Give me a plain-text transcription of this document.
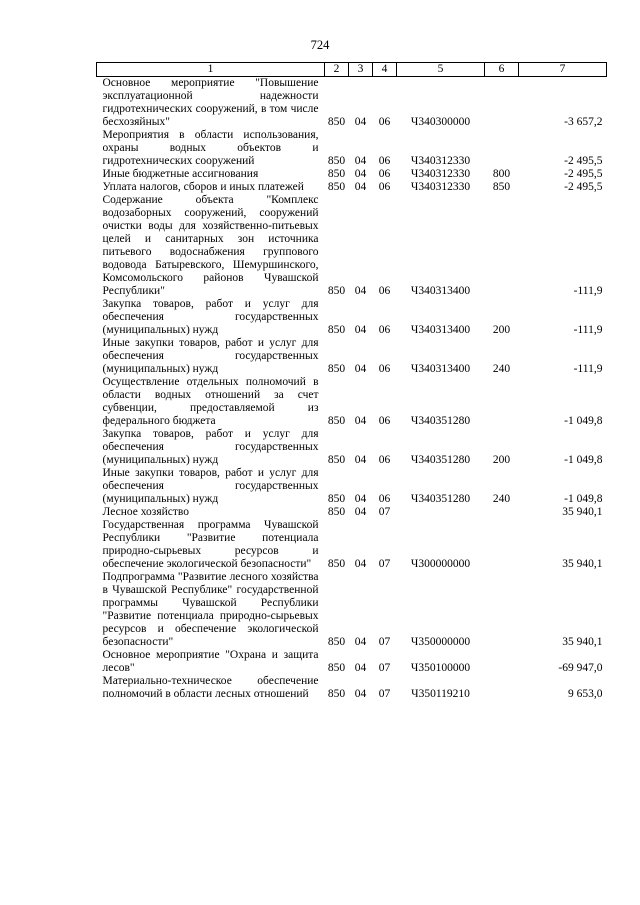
724
1	2	3	4	5	6	7
Основное мероприятие "Повышение эксплуатационной надежности гидротехнических сооружений, в том числе бесхозяйных"	850	04	06	Ч340300000		-3 657,2
Мероприятия в области использования, охраны водных объектов и гидротехнических сооружений	850	04	06	Ч340312330		-2 495,5
Иные бюджетные ассигнования	850	04	06	Ч340312330	800	-2 495,5
Уплата налогов, сборов и иных платежей	850	04	06	Ч340312330	850	-2 495,5
Содержание объекта "Комплекс водозаборных сооружений, сооружений очистки воды для хозяйственно-питьевых целей и санитарных зон источника питьевого водоснабжения группового водовода Батыревского, Шемуршинского, Комсомольского районов Чувашской Республики"	850	04	06	Ч340313400		-111,9
Закупка товаров, работ и услуг для обеспечения государственных (муниципальных) нужд	850	04	06	Ч340313400	200	-111,9
Иные закупки товаров, работ и услуг для обеспечения государственных (муниципальных) нужд	850	04	06	Ч340313400	240	-111,9
Осуществление отдельных полномочий в области водных отношений за счет субвенции, предоставляемой из федерального бюджета	850	04	06	Ч340351280		-1 049,8
Закупка товаров, работ и услуг для обеспечения государственных (муниципальных) нужд	850	04	06	Ч340351280	200	-1 049,8
Иные закупки товаров, работ и услуг для обеспечения государственных (муниципальных) нужд	850	04	06	Ч340351280	240	-1 049,8
Лесное хозяйство	850	04	07			35 940,1
Государственная программа Чувашской Республики "Развитие потенциала природно-сырьевых ресурсов и обеспечение экологической безопасности"	850	04	07	Ч300000000		35 940,1
Подпрограмма "Развитие лесного хозяйства в Чувашской Республике" государственной программы Чувашской Республики "Развитие потенциала природно-сырьевых ресурсов и обеспечение экологической безопасности"	850	04	07	Ч350000000		35 940,1
Основное мероприятие "Охрана и защита лесов"	850	04	07	Ч350100000		-69 947,0
Материально-техническое обеспечение полномочий в области лесных отношений	850	04	07	Ч350119210		9 653,0
